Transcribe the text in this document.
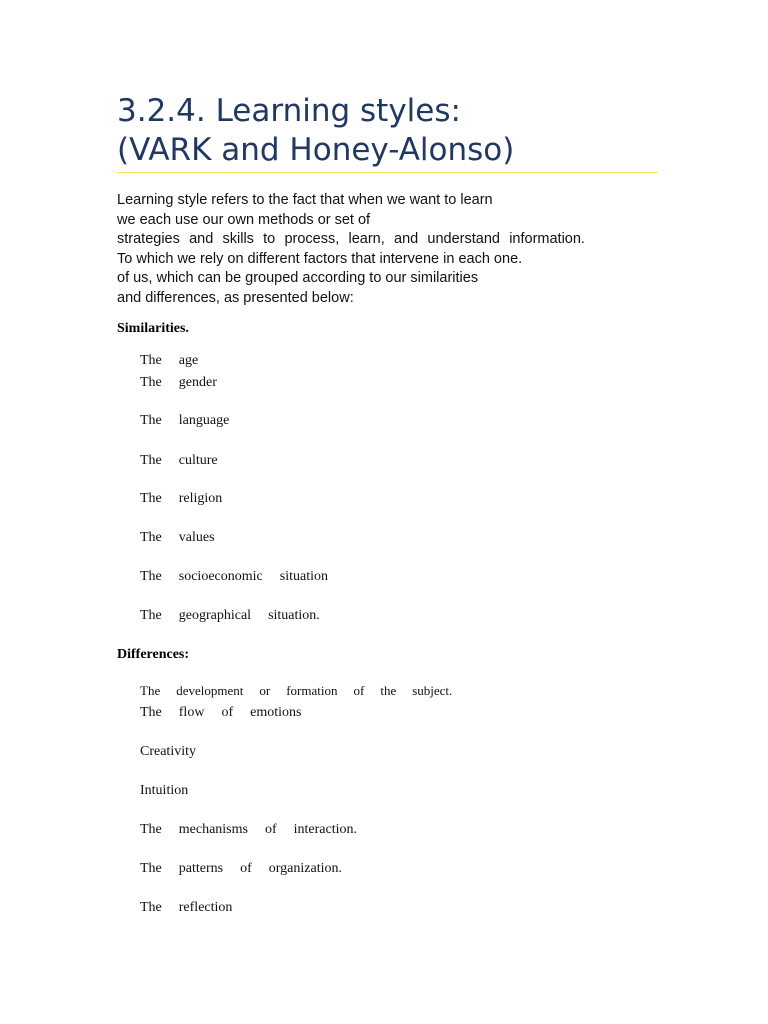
3.2.4. Learning styles:
(VARK and Honey-Alonso)

Learning style refers to the fact that when we want to learn
we each use our own methods or set of
strategies and skills to process, learn, and understand information.
To which we rely on different factors that intervene in each one.
of us, which can be grouped according to our similarities
and differences, as presented below:

Similarities.

The age

The gender

The language

The culture

The religion

The values

The socioeconomic situation

The geographical situation.

Differences:

The development or formation of the subject.

The flow of emotions

Creativity

Intuition

The mechanisms of interaction.

The patterns of organization.

The reflection
